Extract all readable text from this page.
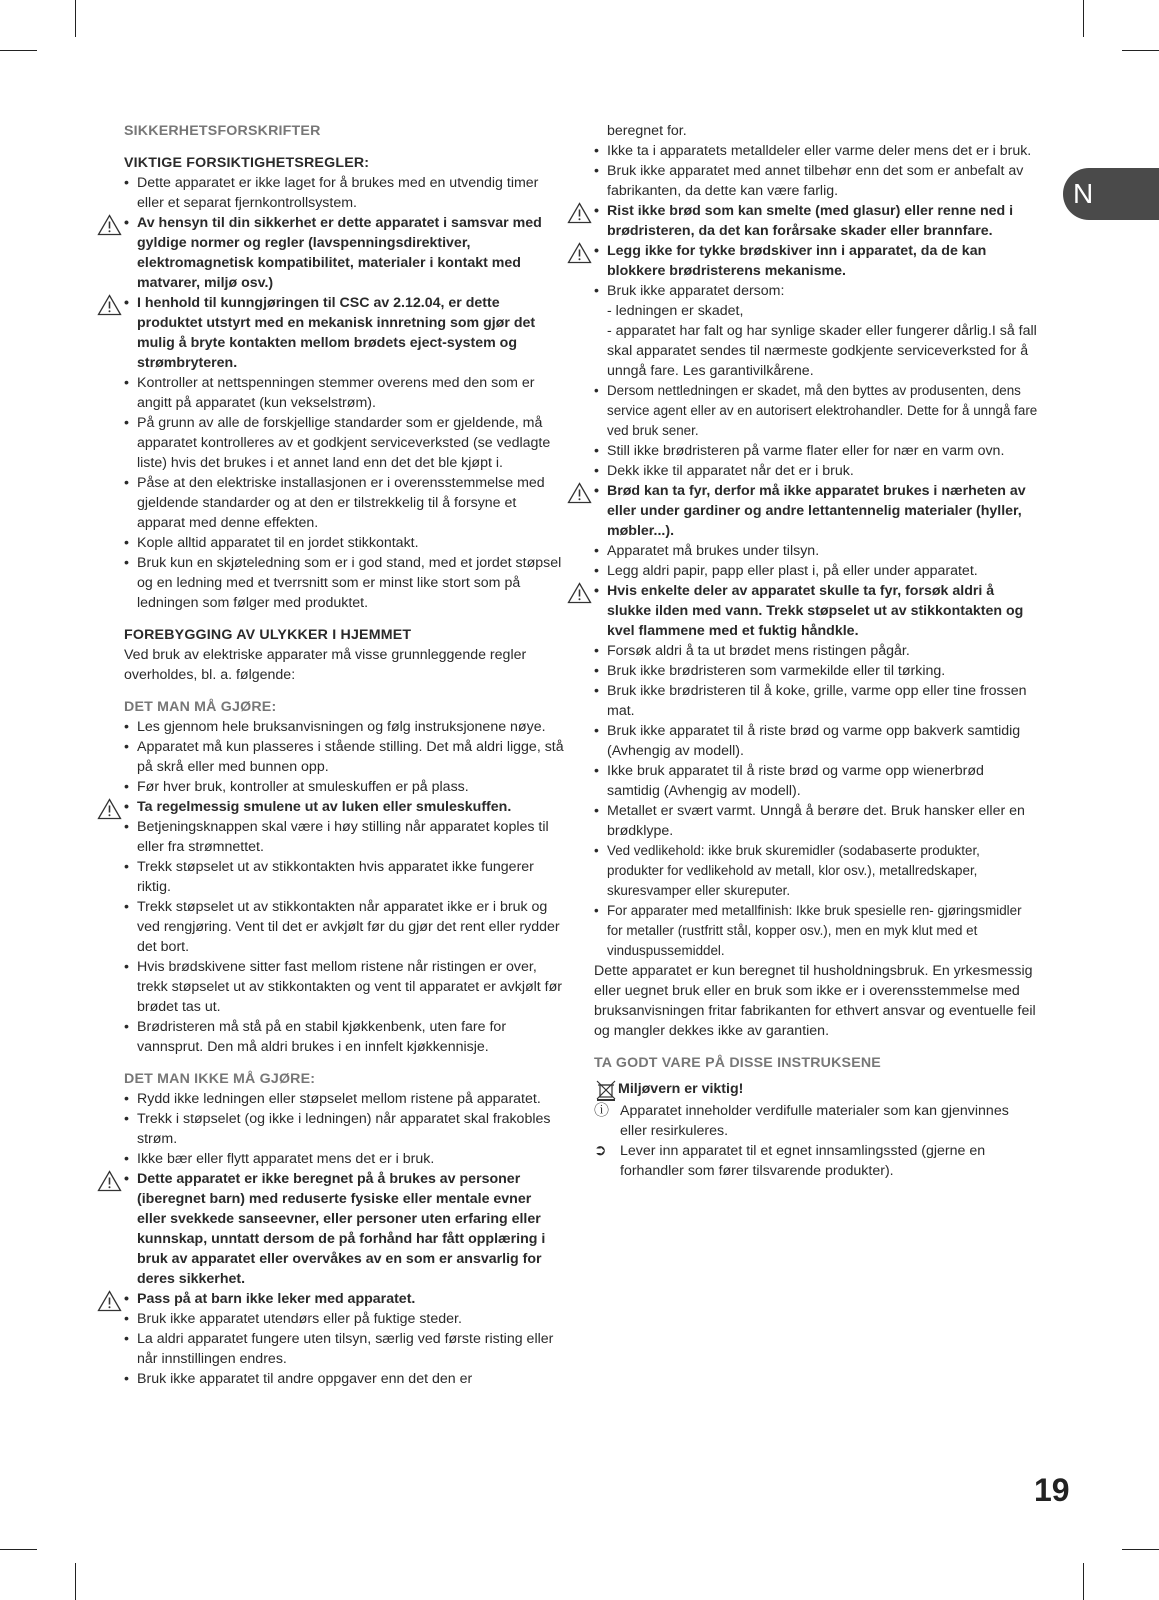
N
SIKKERHETSFORSKRIFTER
VIKTIGE FORSIKTIGHETSREGLER:
• Dette apparatet er ikke laget for å brukes med en utvendig timer eller et separat fjernkontrollsystem.
• Av hensyn til din sikkerhet er dette apparatet i samsvar med gyldige normer og regler (lavspenningsdirektiver, elektromagnetisk kompatibilitet, materialer i kontakt med matvarer, miljø osv.)
• I henhold til kunngjøringen til CSC av 2.12.04, er dette produktet utstyrt med en mekanisk innretning som gjør det mulig å bryte kontakten mellom brødets eject-system og strømbryteren.
• Kontroller at nettspenningen stemmer overens med den som er angitt på apparatet (kun vekselstrøm).
• På grunn av alle de forskjellige standarder som er gjeldende, må apparatet kontrolleres av et godkjent serviceverksted (se vedlagte liste) hvis det brukes i et annet land enn det det ble kjøpt i.
• Påse at den elektriske installasjonen er i overensstemmelse med gjeldende standarder og at den er tilstrekkelig til å forsyne et apparat med denne effekten.
• Kople alltid apparatet til en jordet stikkontakt.
• Bruk kun en skjøteledning som er i god stand, med et jordet støpsel og en ledning med et tverrsnitt som er minst like stort som på ledningen som følger med produktet.
FOREBYGGING AV ULYKKER I HJEMMET
Ved bruk av elektriske apparater må visse grunnleggende regler overholdes, bl. a. følgende:
DET MAN MÅ GJØRE:
• Les gjennom hele bruksanvisningen og følg instruksjonene nøye.
• Apparatet må kun plasseres i stående stilling. Det må aldri ligge, stå på skrå eller med bunnen opp.
• Før hver bruk, kontroller at smuleskuffen er på plass.
• Ta regelmessig smulene ut av luken eller smuleskuffen.
• Betjeningsknappen skal være i høy stilling når apparatet koples til eller fra strømnettet.
• Trekk støpselet ut av stikkontakten hvis apparatet ikke fungerer riktig.
• Trekk støpselet ut av stikkontakten når apparatet ikke er i bruk og ved rengjøring. Vent til det er avkjølt før du gjør det rent eller rydder det bort.
• Hvis brødskivene sitter fast mellom ristene når ristingen er over, trekk støpselet ut av stikkontakten og vent til apparatet er avkjølt før brødet tas ut.
• Brødristeren må stå på en stabil kjøkkenbenk, uten fare for vannsprut. Den må aldri brukes i en innfelt kjøkkennisje.
DET MAN IKKE MÅ GJØRE:
• Rydd ikke ledningen eller støpselet mellom ristene på apparatet.
• Trekk i støpselet (og ikke i ledningen) når apparatet skal frakobles strøm.
• Ikke bær eller flytt apparatet mens det er i bruk.
• Dette apparatet er ikke beregnet på å brukes av personer (iberegnet barn) med reduserte fysiske eller mentale evner eller svekkede sanseevner, eller personer uten erfaring eller kunnskap, unntatt dersom de på forhånd har fått opplæring i bruk av apparatet eller overvåkes av en som er ansvarlig for deres sikkerhet.
• Pass på at barn ikke leker med apparatet.
• Bruk ikke apparatet utendørs eller på fuktige steder.
• La aldri apparatet fungere uten tilsyn, særlig ved første risting eller når innstillingen endres.
• Bruk ikke apparatet til andre oppgaver enn det den er
beregnet for.
• Ikke ta i apparatets metalldeler eller varme deler mens det er i bruk.
• Bruk ikke apparatet med annet tilbehør enn det som er anbefalt av fabrikanten, da dette kan være farlig.
• Rist ikke brød som kan smelte (med glasur) eller renne ned i brødristeren, da det kan forårsake skader eller brannfare.
• Legg ikke for tykke brødskiver inn i apparatet, da de kan blokkere brødristerens mekanisme.
• Bruk ikke apparatet dersom:
- ledningen er skadet,
- apparatet har falt og har synlige skader eller fungerer dårlig.I så fall skal apparatet sendes til nærmeste godkjente serviceverksted for å unngå fare. Les garantivilkårene.
• Dersom nettledningen er skadet, må den byttes av produsenten, dens service agent eller av en autorisert elektrohandler. Dette for å unngå fare ved bruk sener.
• Still ikke brødristeren på varme flater eller for nær en varm ovn.
• Dekk ikke til apparatet når det er i bruk.
• Brød kan ta fyr, derfor må ikke apparatet brukes i nærheten av eller under gardiner og andre lettantennelig materialer (hyller, møbler...).
• Apparatet må brukes under tilsyn.
• Legg aldri papir, papp eller plast i, på eller under apparatet.
• Hvis enkelte deler av apparatet skulle ta fyr, forsøk aldri å slukke ilden med vann. Trekk støpselet ut av stikkontakten og kvel flammene med et fuktig håndkle.
• Forsøk aldri å ta ut brødet mens ristingen pågår.
• Bruk ikke brødristeren som varmekilde eller til tørking.
• Bruk ikke brødristeren til å koke, grille, varme opp eller tine frossen mat.
• Bruk ikke apparatet til å riste brød og varme opp bakverk samtidig (Avhengig av modell).
• Ikke bruk apparatet til å riste brød og varme opp wienerbrød samtidig (Avhengig av modell).
• Metallet er svært varmt. Unngå å berøre det. Bruk hansker eller en brødklype.
• Ved vedlikehold: ikke bruk skuremidler (sodabaserte produkter, produkter for vedlikehold av metall, klor osv.), metallredskaper, skuresvamper eller skureputer.
• For apparater med metallfinish: Ikke bruk spesielle ren- gjøringsmidler for metaller (rustfritt stål, kopper osv.), men en myk klut med et vinduspussemiddel.
Dette apparatet er kun beregnet til husholdningsbruk. En yrkesmessig eller uegnet bruk eller en bruk som ikke er i overensstemmelse med bruksanvisningen fritar fabrikanten for ethvert ansvar og eventuelle feil og mangler dekkes ikke av garantien.
TA GODT VARE PÅ DISSE INSTRUKSENE
Miljøvern er viktig!
ⓘ Apparatet inneholder verdifulle materialer som kan gjenvinnes eller resirkuleres.
➲ Lever inn apparatet til et egnet innsamlingssted (gjerne en forhandler som fører tilsvarende produkter).
19
